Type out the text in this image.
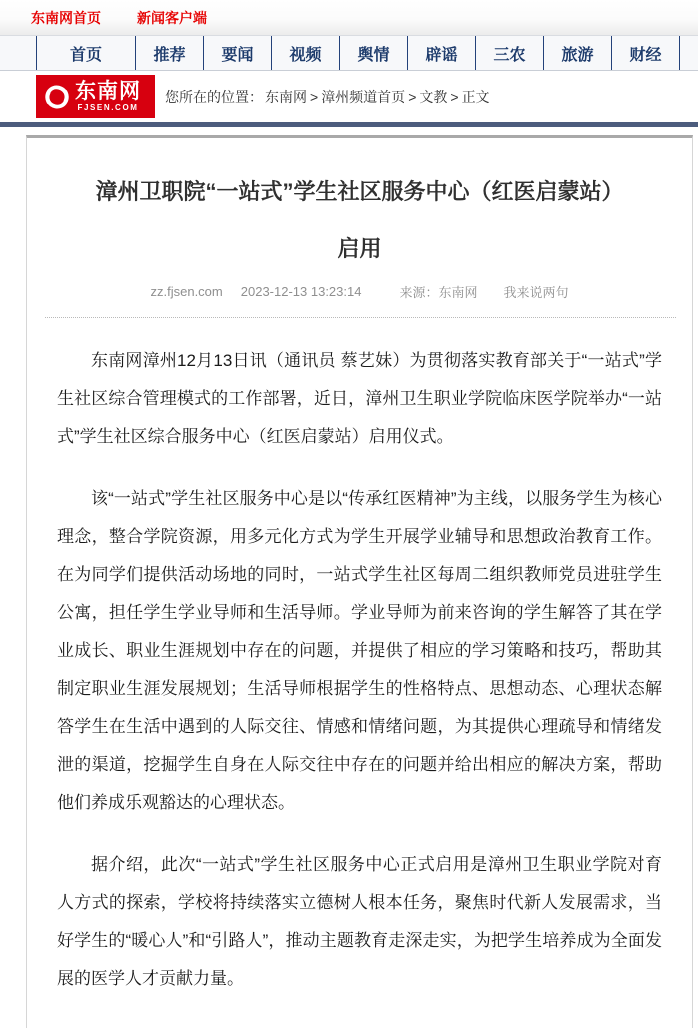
东南网首页	新闻客户端
首页	推荐	要闻	视频	舆情	辟谣	三农	旅游	财经
东南网
FJSEN.COM
您所在的位置： 东南网 > 漳州频道首页 > 文教 > 正文
漳州卫职院“一站式”学生社区服务中心（红医启蒙站）
启用
zz.fjsen.com 2023-12-13 13:23:14	来源：东南网 我来说两句

东南网漳州12月13日讯（通讯员 蔡艺妹）为贯彻落实教育部关于“一站式”学生社区综合管理模式的工作部署，近日，漳州卫生职业学院临床医学院举办“一站式”学生社区综合服务中心（红医启蒙站）启用仪式。

该“一站式”学生社区服务中心是以“传承红医精神”为主线，以服务学生为核心理念，整合学院资源，用多元化方式为学生开展学业辅导和思想政治教育工作。在为同学们提供活动场地的同时，一站式学生社区每周二组织教师党员进驻学生公寓，担任学生学业导师和生活导师。学业导师为前来咨询的学生解答了其在学业成长、职业生涯规划中存在的问题，并提供了相应的学习策略和技巧，帮助其制定职业生涯发展规划；生活导师根据学生的性格特点、思想动态、心理状态解答学生在生活中遇到的人际交往、情感和情绪问题，为其提供心理疏导和情绪发泄的渠道，挖掘学生自身在人际交往中存在的问题并给出相应的解决方案，帮助他们养成乐观豁达的心理状态。

据介绍，此次“一站式”学生社区服务中心正式启用是漳州卫生职业学院对育人方式的探索，学校将持续落实立德树人根本任务，聚焦时代新人发展需求，当好学生的“暖心人”和“引路人”，推动主题教育走深走实，为把学生培养成为全面发展的医学人才贡献力量。
